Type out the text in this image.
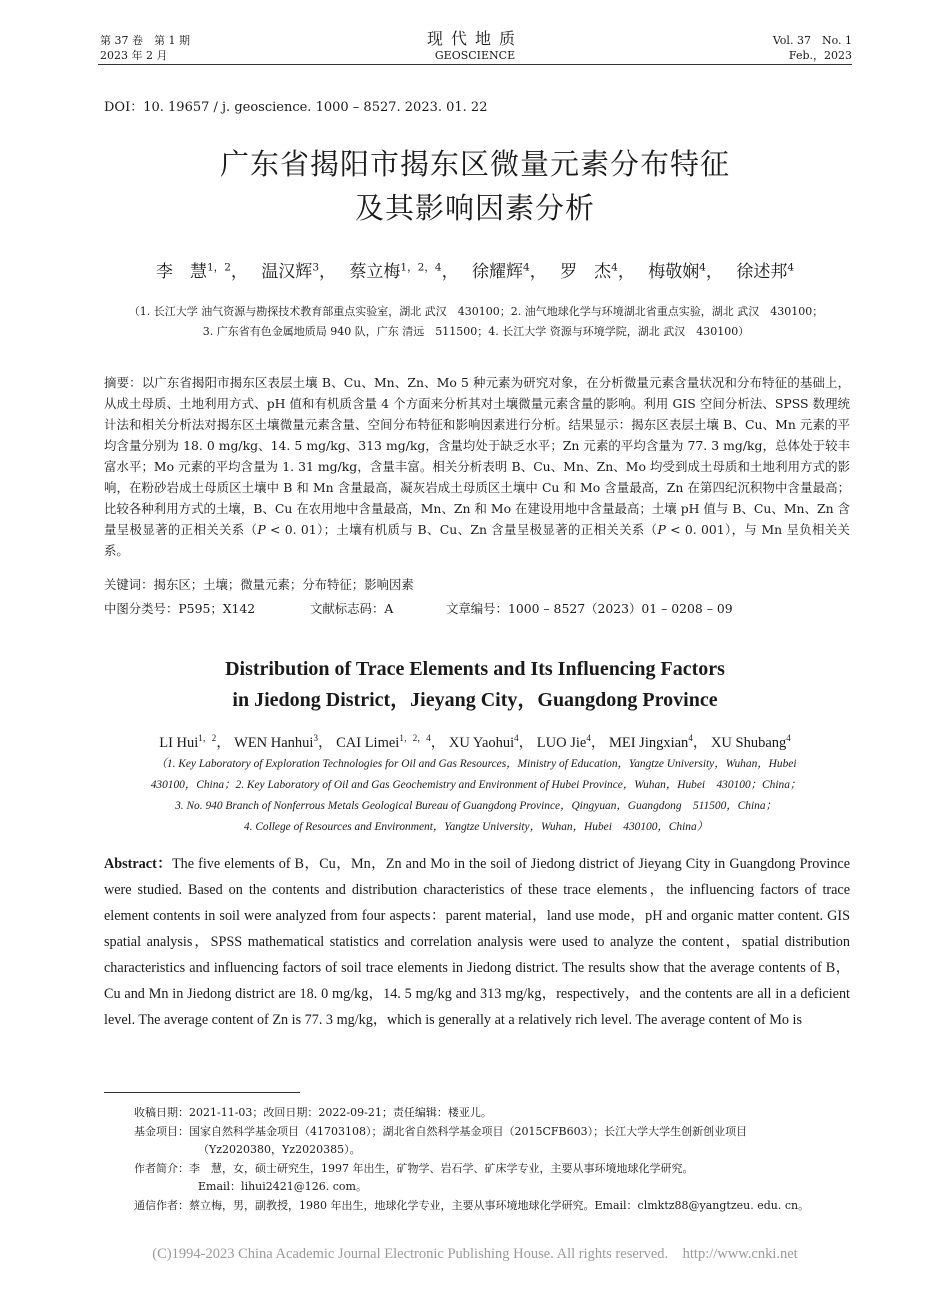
第 37 卷　第 1 期
2023 年 2 月
现代地质
GEOSCIENCE
Vol. 37　No. 1
Feb.，2023
DOI：10. 19657 / j. geoscience. 1000 – 8527. 2023. 01. 22
广东省揭阳市揭东区微量元素分布特征
及其影响因素分析
李　慧$^{1,2}$， 温汉辉$^3$， 蔡立梅$^{1,2,4}$， 徐耀辉$^4$， 罗　杰$^4$， 梅敬娴$^4$， 徐述邦$^4$
（1. 长江大学 油气资源与勘探技术教育部重点实验室，湖北 武汉　430100；2. 油气地球化学与环境湖北省重点实验，湖北 武汉　430100；
3. 广东省有色金属地质局 940 队，广东 清远　511500；4. 长江大学 资源与环境学院，湖北 武汉　430100）

摘要：以广东省揭阳市揭东区表层土壤 B、Cu、Mn、Zn、Mo 5 种元素为研究对象，在分析微量元素含量状况和分布特征的基础上，从成土母质、土地利用方式、pH 值和有机质含量 4 个方面来分析其对土壤微量元素含量的影响。利用 GIS 空间分析法、SPSS 数理统计法和相关分析法对揭东区土壤微量元素含量、空间分布特征和影响因素进行分析。结果显示：揭东区表层土壤 B、Cu、Mn 元素的平均含量分别为 18. 0 mg/kg、14. 5 mg/kg、313 mg/kg，含量均处于缺乏水平；Zn 元素的平均含量为 77. 3 mg/kg，总体处于较丰富水平；Mo 元素的平均含量为 1. 31 mg/kg，含量丰富。相关分析表明 B、Cu、Mn、Zn、Mo 均受到成土母质和土地利用方式的影响，在粉砂岩成土母质区土壤中 B 和 Mn 含量最高，凝灰岩成土母质区土壤中 Cu 和 Mo 含量最高，Zn 在第四纪沉积物中含量最高；比较各种利用方式的土壤，B、Cu 在农用地中含量最高，Mn、Zn 和 Mo 在建设用地中含量最高；土壤 pH 值与 B、Cu、Mn、Zn 含量呈极显著的正相关关系（P < 0. 01）；土壤有机质与 B、Cu、Zn 含量呈极显著的正相关关系（P < 0. 001），与 Mn 呈负相关关系。

关键词：揭东区；土壤；微量元素；分布特征；影响因素
中图分类号：P595；X142	文献标志码：A	文章编号：1000 – 8527（2023）01 – 0208 – 09
Distribution of Trace Elements and Its Influencing Factors
in Jiedong District，Jieyang City，Guangdong Province
LI Hui$^{1,2}$， WEN Hanhui$^3$， CAI Limei$^{1,2,4}$， XU Yaohui$^4$， LUO Jie$^4$， MEI Jingxian$^4$， XU Shubang$^4$
（1. Key Laboratory of Exploration Technologies for Oil and Gas Resources，Ministry of Education，Yangtze University，Wuhan，Hubei
430100，China；2. Key Laboratory of Oil and Gas Geochemistry and Environment of Hubei Province，Wuhan，Hubei　430100；China；
3. No. 940 Branch of Nonferrous Metals Geological Bureau of Guangdong Province，Qingyuan，Guangdong　511500，China；
4. College of Resources and Environment，Yangtze University，Wuhan，Hubei　430100，China）

Abstract：The five elements of B，Cu，Mn，Zn and Mo in the soil of Jiedong district of Jieyang City in Guangdong Province were studied. Based on the contents and distribution characteristics of these trace elements，the influencing factors of trace element contents in soil were analyzed from four aspects：parent material，land use mode，pH and organic matter content. GIS spatial analysis，SPSS mathematical statistics and correlation analysis were used to analyze the content，spatial distribution characteristics and influencing factors of soil trace elements in Jiedong district. The results show that the average contents of B，Cu and Mn in Jiedong district are 18. 0 mg/kg，14. 5 mg/kg and 313 mg/kg，respectively，and the contents are all in a deficient level. The average content of Zn is 77. 3 mg/kg，which is generally at a relatively rich level. The average content of Mo is

收稿日期： 2021-11-03；改回日期：2022-09-21；责任编辑：楼亚儿。
基金项目： 国家自然科学基金项目（41703108）；湖北省自然科学基金项目（2015CFB603）；长江大学大学生创新创业项目
（Yz2020380，Yz2020385）。
作者简介： 李　慧，女，硕士研究生，1997 年出生，矿物学、岩石学、矿床学专业，主要从事环境地球化学研究。
Email：lihui2421@126. com。
通信作者： 蔡立梅，男，副教授，1980 年出生，地球化学专业，主要从事环境地球化学研究。Email：clmktz88@yangtzeu. edu. cn。
(C)1994-2023 China Academic Journal Electronic Publishing House. All rights reserved.　http://www.cnki.net
